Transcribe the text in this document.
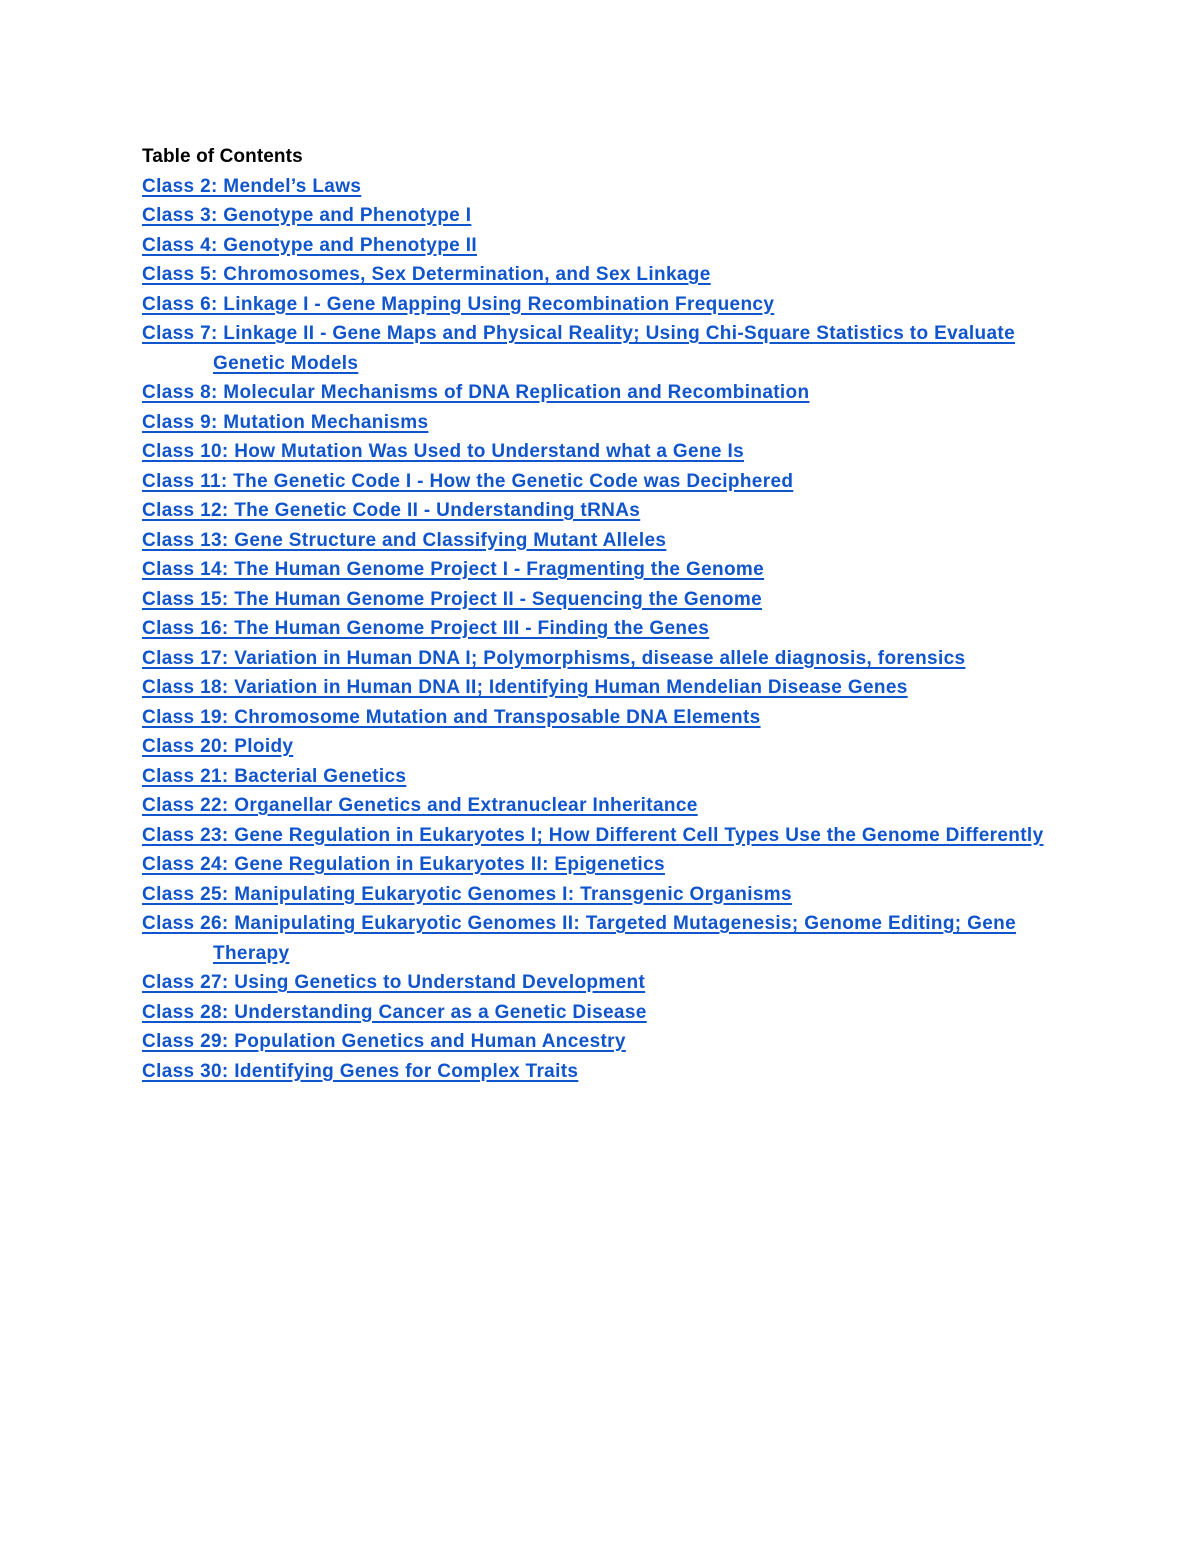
Table of Contents
Class 2: Mendel’s Laws
Class 3: Genotype and Phenotype I
Class 4: Genotype and Phenotype II
Class 5: Chromosomes, Sex Determination, and Sex Linkage
Class 6: Linkage I - Gene Mapping Using Recombination Frequency
Class 7: Linkage II - Gene Maps and Physical Reality; Using Chi-Square Statistics to Evaluate Genetic Models
Class 8: Molecular Mechanisms of DNA Replication and Recombination
Class 9: Mutation Mechanisms
Class 10: How Mutation Was Used to Understand what a Gene Is
Class 11: The Genetic Code I - How the Genetic Code was Deciphered
Class 12: The Genetic Code II - Understanding tRNAs
Class 13: Gene Structure and Classifying Mutant Alleles
Class 14: The Human Genome Project I - Fragmenting the Genome
Class 15: The Human Genome Project II - Sequencing the Genome
Class 16: The Human Genome Project III - Finding the Genes
Class 17: Variation in Human DNA I; Polymorphisms, disease allele diagnosis, forensics
Class 18: Variation in Human DNA II; Identifying Human Mendelian Disease Genes
Class 19: Chromosome Mutation and Transposable DNA Elements
Class 20: Ploidy
Class 21: Bacterial Genetics
Class 22: Organellar Genetics and Extranuclear Inheritance
Class 23: Gene Regulation in Eukaryotes I; How Different Cell Types Use the Genome Differently
Class 24: Gene Regulation in Eukaryotes II: Epigenetics
Class 25: Manipulating Eukaryotic Genomes I: Transgenic Organisms
Class 26: Manipulating Eukaryotic Genomes II: Targeted Mutagenesis; Genome Editing; Gene Therapy
Class 27: Using Genetics to Understand Development
Class 28: Understanding Cancer as a Genetic Disease
Class 29: Population Genetics and Human Ancestry
Class 30: Identifying Genes for Complex Traits
